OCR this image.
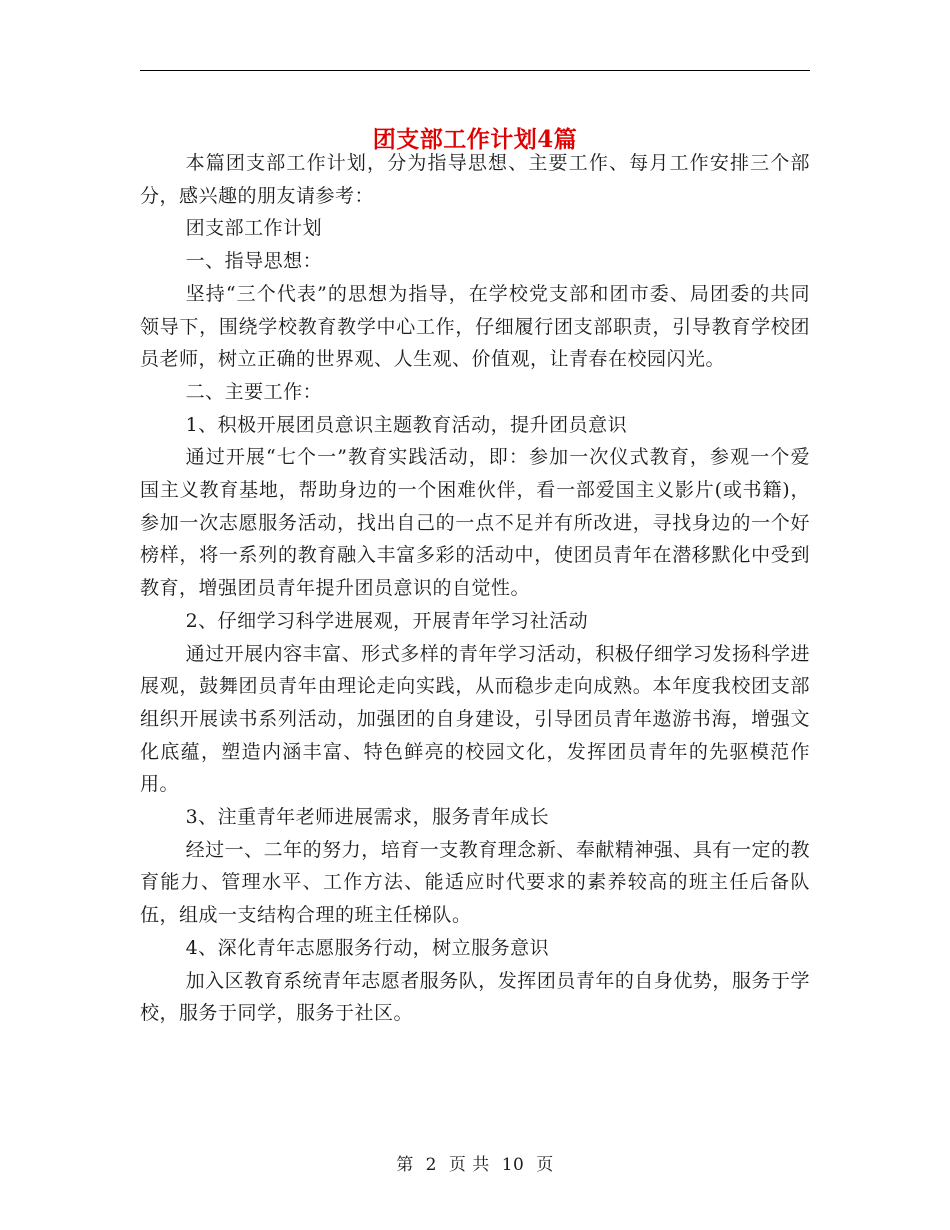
团支部工作计划4篇

本篇团支部工作计划，分为指导思想、主要工作、每月工作安排三个部分，感兴趣的朋友请参考：

团支部工作计划

一、指导思想：

坚持“三个代表”的思想为指导，在学校党支部和团市委、局团委的共同领导下，围绕学校教育教学中心工作，仔细履行团支部职责，引导教育学校团员老师，树立正确的世界观、人生观、价值观，让青春在校园闪光。

二、主要工作：

1、积极开展团员意识主题教育活动，提升团员意识

通过开展“七个一”教育实践活动，即：参加一次仪式教育，参观一个爱国主义教育基地，帮助身边的一个困难伙伴，看一部爱国主义影片(或书籍)，参加一次志愿服务活动，找出自己的一点不足并有所改进，寻找身边的一个好榜样，将一系列的教育融入丰富多彩的活动中，使团员青年在潜移默化中受到教育，增强团员青年提升团员意识的自觉性。

2、仔细学习科学进展观，开展青年学习社活动

通过开展内容丰富、形式多样的青年学习活动，积极仔细学习发扬科学进展观，鼓舞团员青年由理论走向实践，从而稳步走向成熟。本年度我校团支部组织开展读书系列活动，加强团的自身建设，引导团员青年遨游书海，增强文化底蕴，塑造内涵丰富、特色鲜亮的校园文化，发挥团员青年的先驱模范作用。

3、注重青年老师进展需求，服务青年成长

经过一、二年的努力，培育一支教育理念新、奉献精神强、具有一定的教育能力、管理水平、工作方法、能适应时代要求的素养较高的班主任后备队伍，组成一支结构合理的班主任梯队。

4、深化青年志愿服务行动，树立服务意识

加入区教育系统青年志愿者服务队，发挥团员青年的自身优势，服务于学校，服务于同学，服务于社区。

第 2 页 共 10 页
